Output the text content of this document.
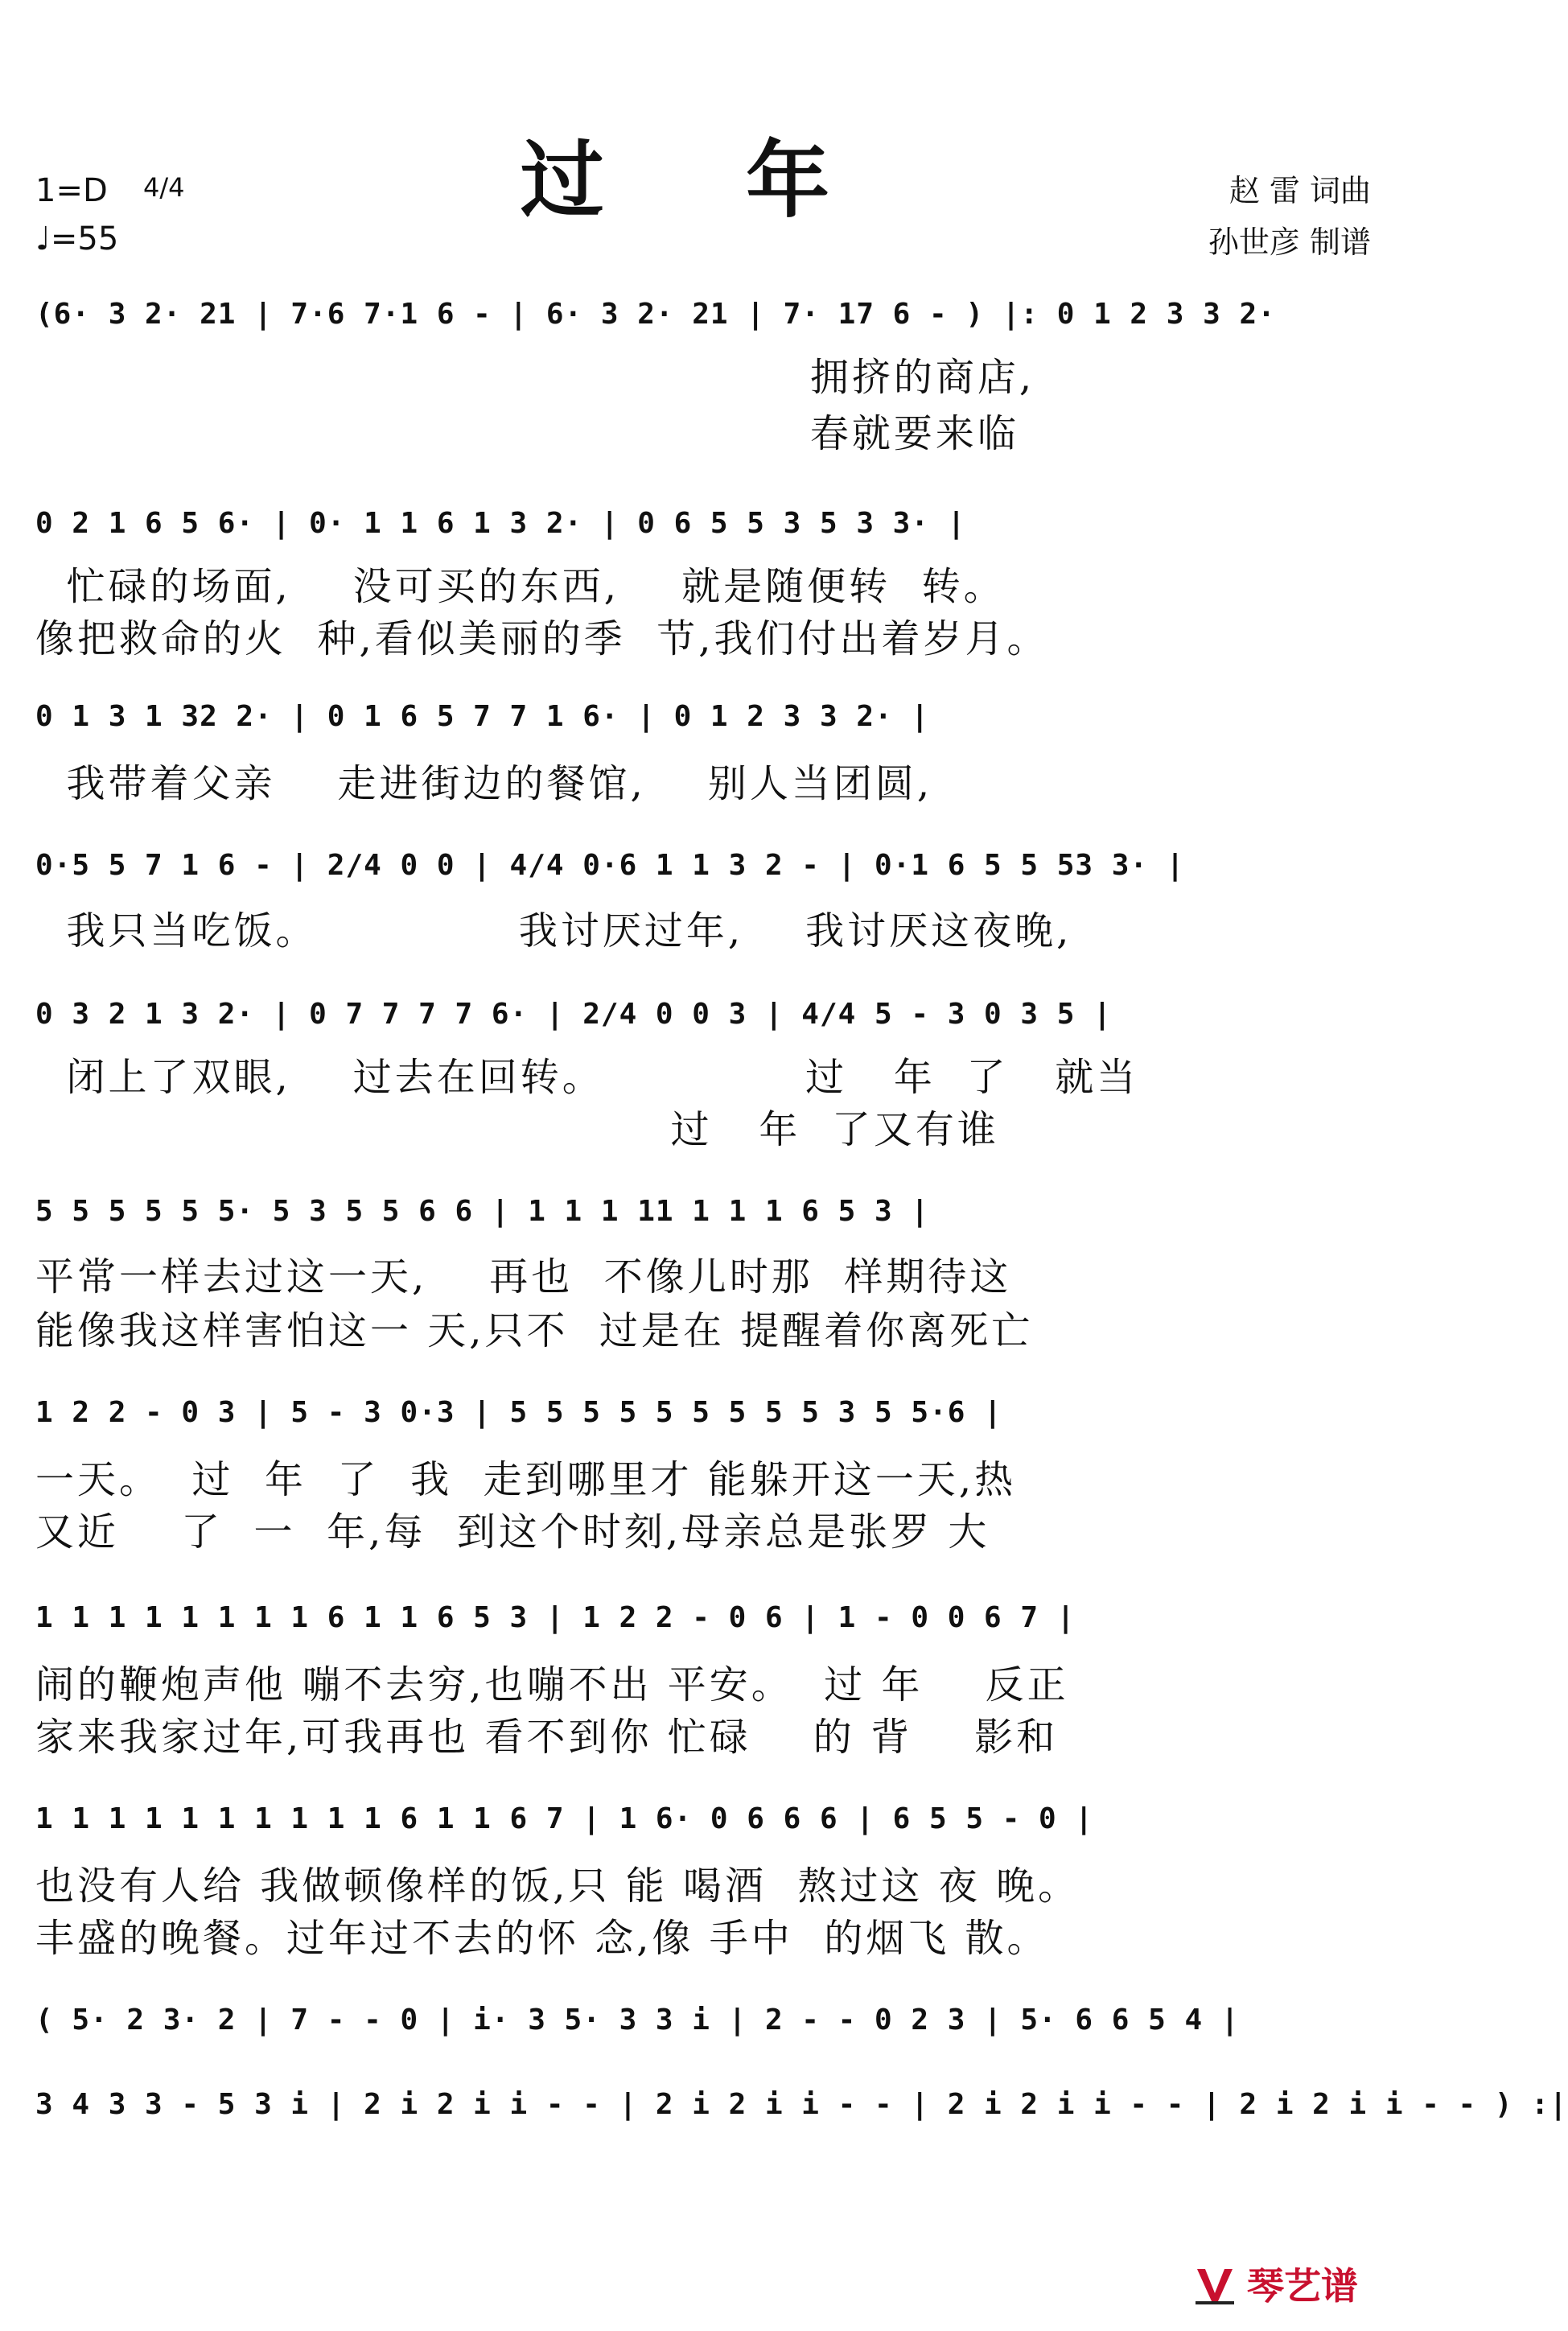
过 年
1=D 4/4
♩=55
赵 雷 词曲
孙世彦 制谱
(6· 3 2· 21 | 7·6 7·1 6 - | 6· 3 2· 21 | 7· 17 6 - ) |: 0 1 2 3 3 2·
拥挤的商店,
春就要来临
0 2 1 6 5 6· | 0· 1 1 6 1 3 2· | 0 6 5 5 3 5 3 3· |
忙碌的场面,    没可买的东西,    就是随便转  转。
像把救命的火  种,看似美丽的季  节,我们付出着岁月。
0 1 3 1 32 2· | 0 1 6 5 7 7 1 6· | 0 1 2 3 3 2· |
我带着父亲    走进街边的餐馆,    别人当团圆,
0·5 5 7 1 6 - | 2/4 0 0 | 4/4 0·6 1 1 3 2 - | 0·1 6 5 5 53 3· |
我只当吃饭。             我讨厌过年,    我讨厌这夜晚,
0 3 2 1 3 2· | 0 7 7 7 7 6· | 2/4 0 0 3 | 4/4 5 - 3 0 3 5 |
闭上了双眼,    过去在回转。             过   年  了   就当
过   年  了又有谁
5 5 5 5 5 5· 5 3 5 5 6 6 | 1 1 1 11 1 1 1 6 5 3 |
平常一样去过这一天,    再也  不像儿时那  样期待这
能像我这样害怕这一 天,只不  过是在 提醒着你离死亡
1 2 2 - 0 3 | 5 - 3 0·3 | 5 5 5 5 5 5 5 5 5 3 5 5·6 |
一天。  过  年  了  我  走到哪里才 能躲开这一天,热
又近    了  一  年,每  到这个时刻,母亲总是张罗 大
1 1 1 1 1 1 1 1 6 1 1 6 5 3 | 1 2 2 - 0 6 | 1 - 0 0 6 7 |
闹的鞭炮声他 嘣不去穷,也嘣不出 平安。  过 年    反正
家来我家过年,可我再也 看不到你 忙碌    的 背    影和
1 1 1 1 1 1 1 1 1 1 6 1 1 6 7 | 1 6· 0 6 6 6 | 6 5 5 - 0 |
也没有人给 我做顿像样的饭,只 能 喝酒  熬过这 夜 晚。
丰盛的晚餐。过年过不去的怀 念,像 手中  的烟飞 散。
( 5· 2 3· 2 | 7 - - 0 | i· 3 5· 3 3 i | 2 - - 0 2 3 | 5· 6 6 5 4 |
3 4 3 3 - 5 3 i | 2 i 2 i i - - | 2 i 2 i i - - | 2 i 2 i i - - | 2 i 2 i i - - ) :|
琴艺谱
